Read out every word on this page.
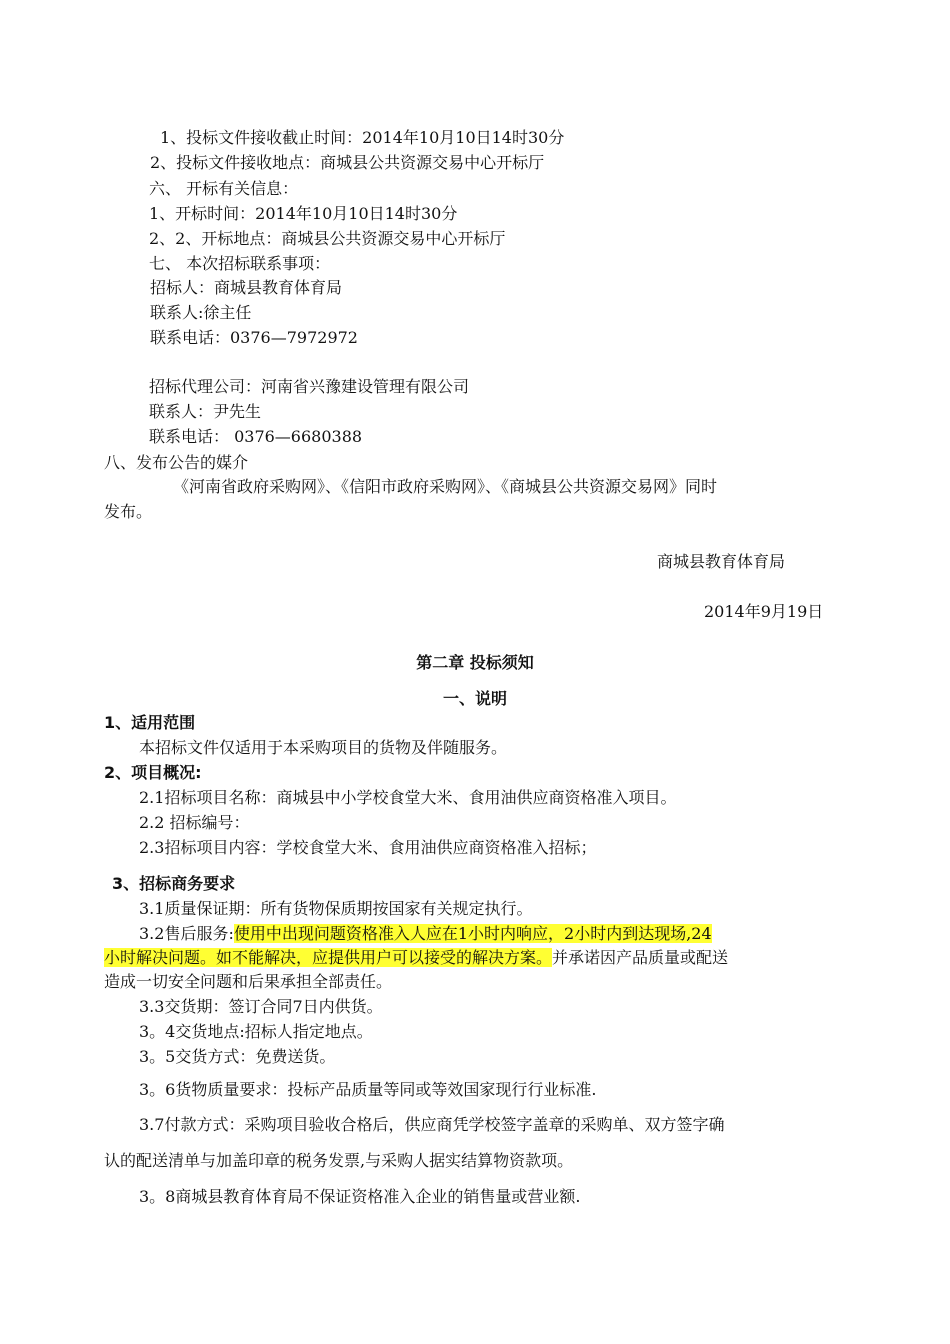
1、投标文件接收截止时间：2014年10月10日14时30分
2、投标文件接收地点：商城县公共资源交易中心开标厅
六、 开标有关信息：
1、开标时间：2014年10月10日14时30分
2、2、开标地点：商城县公共资源交易中心开标厅
七、 本次招标联系事项：
招标人：商城县教育体育局
联系人:徐主任
联系电话：0376—7972972
招标代理公司：河南省兴豫建设管理有限公司
联系人：尹先生
联系电话： 0376—6680388
八、发布公告的媒介
《河南省政府采购网》、《信阳市政府采购网》、《商城县公共资源交易网》同时
发布。
商城县教育体育局
2014年9月19日
第二章 投标须知
一、说明
1、适用范围
本招标文件仅适用于本采购项目的货物及伴随服务。
2、项目概况:
2.1招标项目名称：商城县中小学校食堂大米、食用油供应商资格准入项目。
2.2 招标编号：
2.3招标项目内容：学校食堂大米、食用油供应商资格准入招标；
3、招标商务要求
3.1质量保证期：所有货物保质期按国家有关规定执行。
3.2售后服务:使用中出现问题资格准入人应在1小时内响应，2小时内到达现场,24
小时解决问题。如不能解决，应提供用户可以接受的解决方案。并承诺因产品质量或配送
造成一切安全问题和后果承担全部责任。
3.3交货期：签订合同7日内供货。
3。4交货地点:招标人指定地点。
3。5交货方式：免费送货。
3。6货物质量要求：投标产品质量等同或等效国家现行行业标准.
3.7付款方式：采购项目验收合格后，供应商凭学校签字盖章的采购单、双方签字确
认的配送清单与加盖印章的税务发票,与采购人据实结算物资款项。
3。8商城县教育体育局不保证资格准入企业的销售量或营业额.
